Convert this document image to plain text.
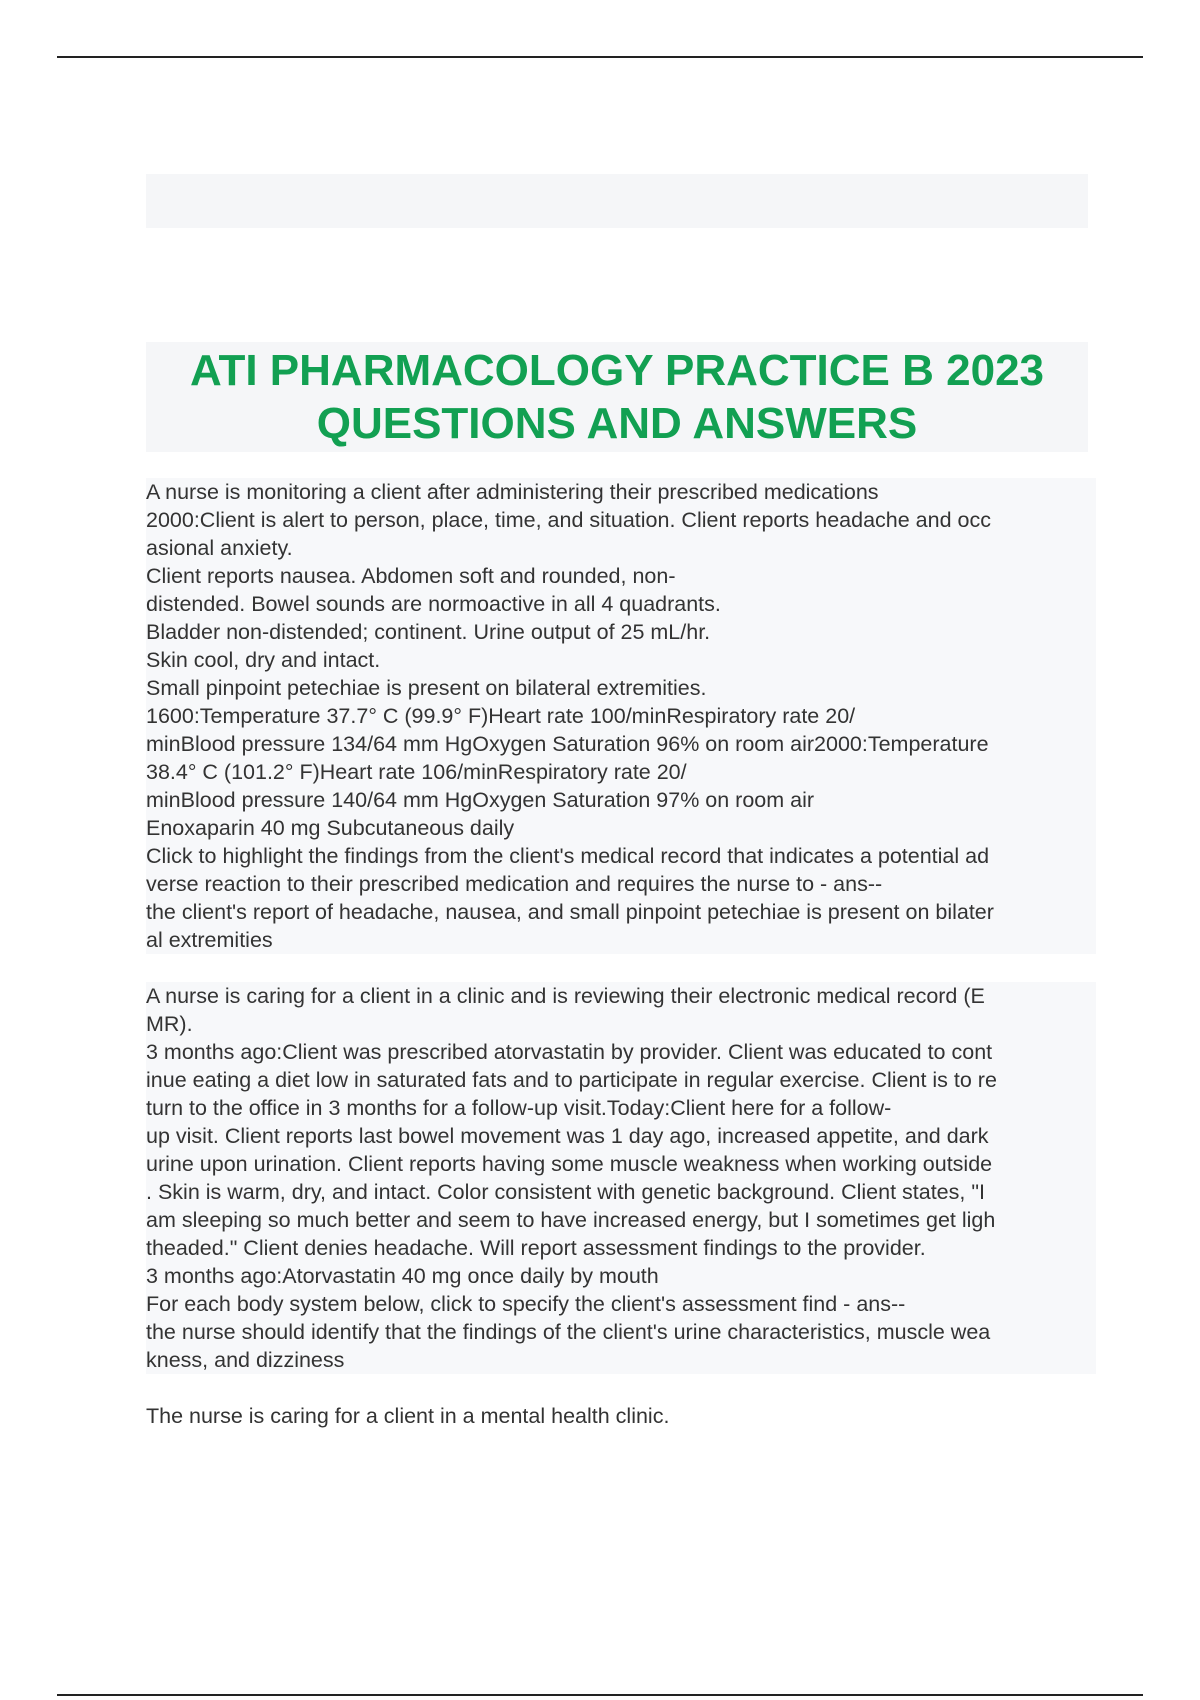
ATI PHARMACOLOGY PRACTICE B 2023

QUESTIONS AND ANSWERS

A nurse is monitoring a client after administering their prescribed medications

2000:Client is alert to person, place, time, and situation. Client reports headache and occ

asional anxiety.

Client reports nausea. Abdomen soft and rounded, non-

distended. Bowel sounds are normoactive in all 4 quadrants.

Bladder non-distended; continent. Urine output of 25 mL/hr.

Skin cool, dry and intact.

Small pinpoint petechiae is present on bilateral extremities.

1600:Temperature 37.7° C (99.9° F)Heart rate 100/minRespiratory rate 20/

minBlood pressure 134/64 mm HgOxygen Saturation 96% on room air2000:Temperature

38.4° C (101.2° F)Heart rate 106/minRespiratory rate 20/

minBlood pressure 140/64 mm HgOxygen Saturation 97% on room air

Enoxaparin 40 mg Subcutaneous daily

Click to highlight the findings from the client's medical record that indicates a potential ad

verse reaction to their prescribed medication and requires the nurse to - ans--

the client's report of headache, nausea, and small pinpoint petechiae is present on bilater

al extremities

A nurse is caring for a client in a clinic and is reviewing their electronic medical record (E

MR).

3 months ago:Client was prescribed atorvastatin by provider. Client was educated to cont

inue eating a diet low in saturated fats and to participate in regular exercise. Client is to re

turn to the office in 3 months for a follow-up visit.Today:Client here for a follow-

up visit. Client reports last bowel movement was 1 day ago, increased appetite, and dark

urine upon urination. Client reports having some muscle weakness when working outside

. Skin is warm, dry, and intact. Color consistent with genetic background. Client states, "I

am sleeping so much better and seem to have increased energy, but I sometimes get ligh

theaded." Client denies headache. Will report assessment findings to the provider.

3 months ago:Atorvastatin 40 mg once daily by mouth

For each body system below, click to specify the client's assessment find - ans--

the nurse should identify that the findings of the client's urine characteristics, muscle wea

kness, and dizziness

The nurse is caring for a client in a mental health clinic.
